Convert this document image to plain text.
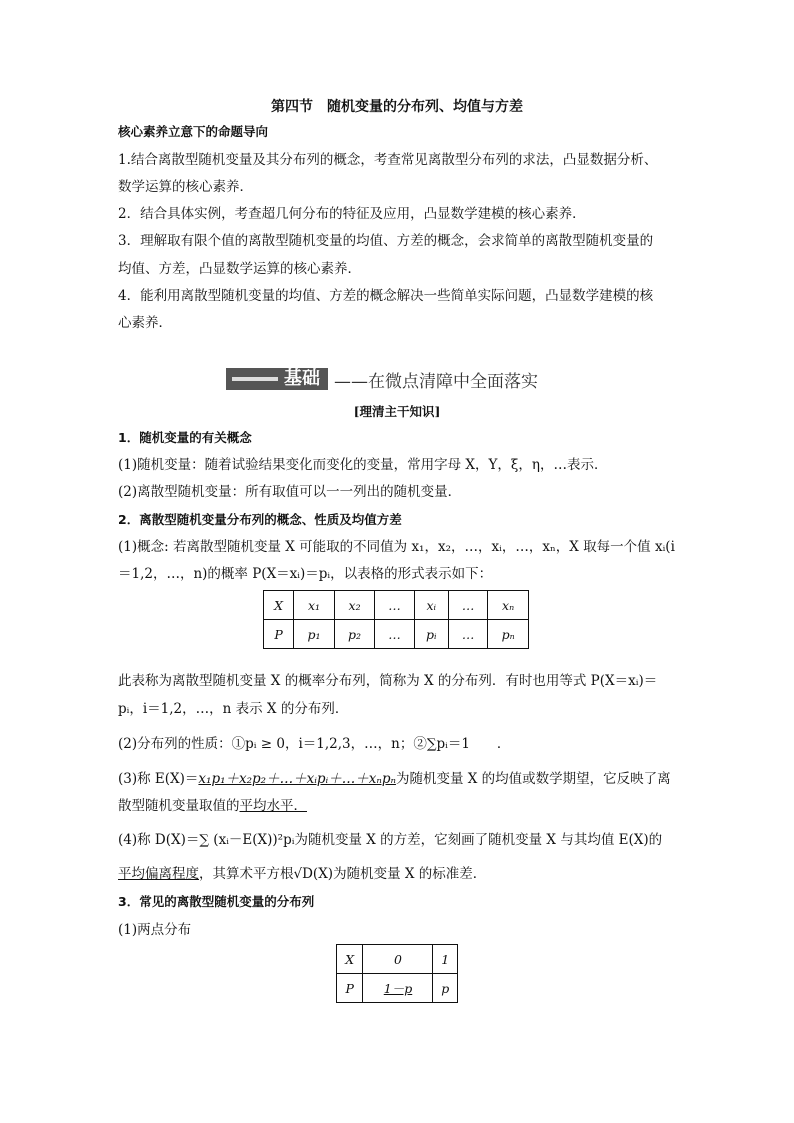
第四节　随机变量的分布列、均值与方差
核心素养立意下的命题导向
1.结合离散型随机变量及其分布列的概念，考查常见离散型分布列的求法，凸显数据分析、
数学运算的核心素养．
2．结合具体实例，考查超几何分布的特征及应用，凸显数学建模的核心素养．
3．理解取有限个值的离散型随机变量的均值、方差的概念，会求简单的离散型随机变量的
均值、方差，凸显数学运算的核心素养．
4．能利用离散型随机变量的均值、方差的概念解决一些简单实际问题，凸显数学建模的核
心素养．
基础 ——在微点清障中全面落实
[理清主干知识]
1．随机变量的有关概念
(1)随机变量：随着试验结果变化而变化的变量，常用字母 X，Y，ξ，η，…表示．
(2)离散型随机变量：所有取值可以一一列出的随机变量．
2．离散型随机变量分布列的概念、性质及均值方差
(1)概念: 若离散型随机变量 X 可能取的不同值为 x₁，x₂，…，xᵢ，…，xₙ，X 取每一个值 xᵢ(i
＝1,2，…，n)的概率 P(X＝xᵢ)＝pᵢ，以表格的形式表示如下：
X	x₁	x₂	…	xᵢ	…	xₙ
P	p₁	p₂	…	pᵢ	…	pₙ
此表称为离散型随机变量 X 的概率分布列，简称为 X 的分布列．有时也用等式 P(X＝xᵢ)＝
pᵢ，i＝1,2，…，n 表示 X 的分布列．
(2)分布列的性质：①pᵢ ≥ 0，i＝1,2,3，…，n；②∑pᵢ＝1　　．
(3)称 E(X)＝x₁p₁＋x₂p₂＋…＋xᵢpᵢ＋…＋xₙpₙ为随机变量 X 的均值或数学期望，它反映了离
散型随机变量取值的平均水平．
(4)称 D(X)＝∑ (xᵢ－E(X))²pᵢ为随机变量 X 的方差，它刻画了随机变量 X 与其均值 E(X)的
平均偏离程度，其算术平方根√D(X)为随机变量 X 的标准差．
3．常见的离散型随机变量的分布列
(1)两点分布
X	0	1
P	1－p	p
